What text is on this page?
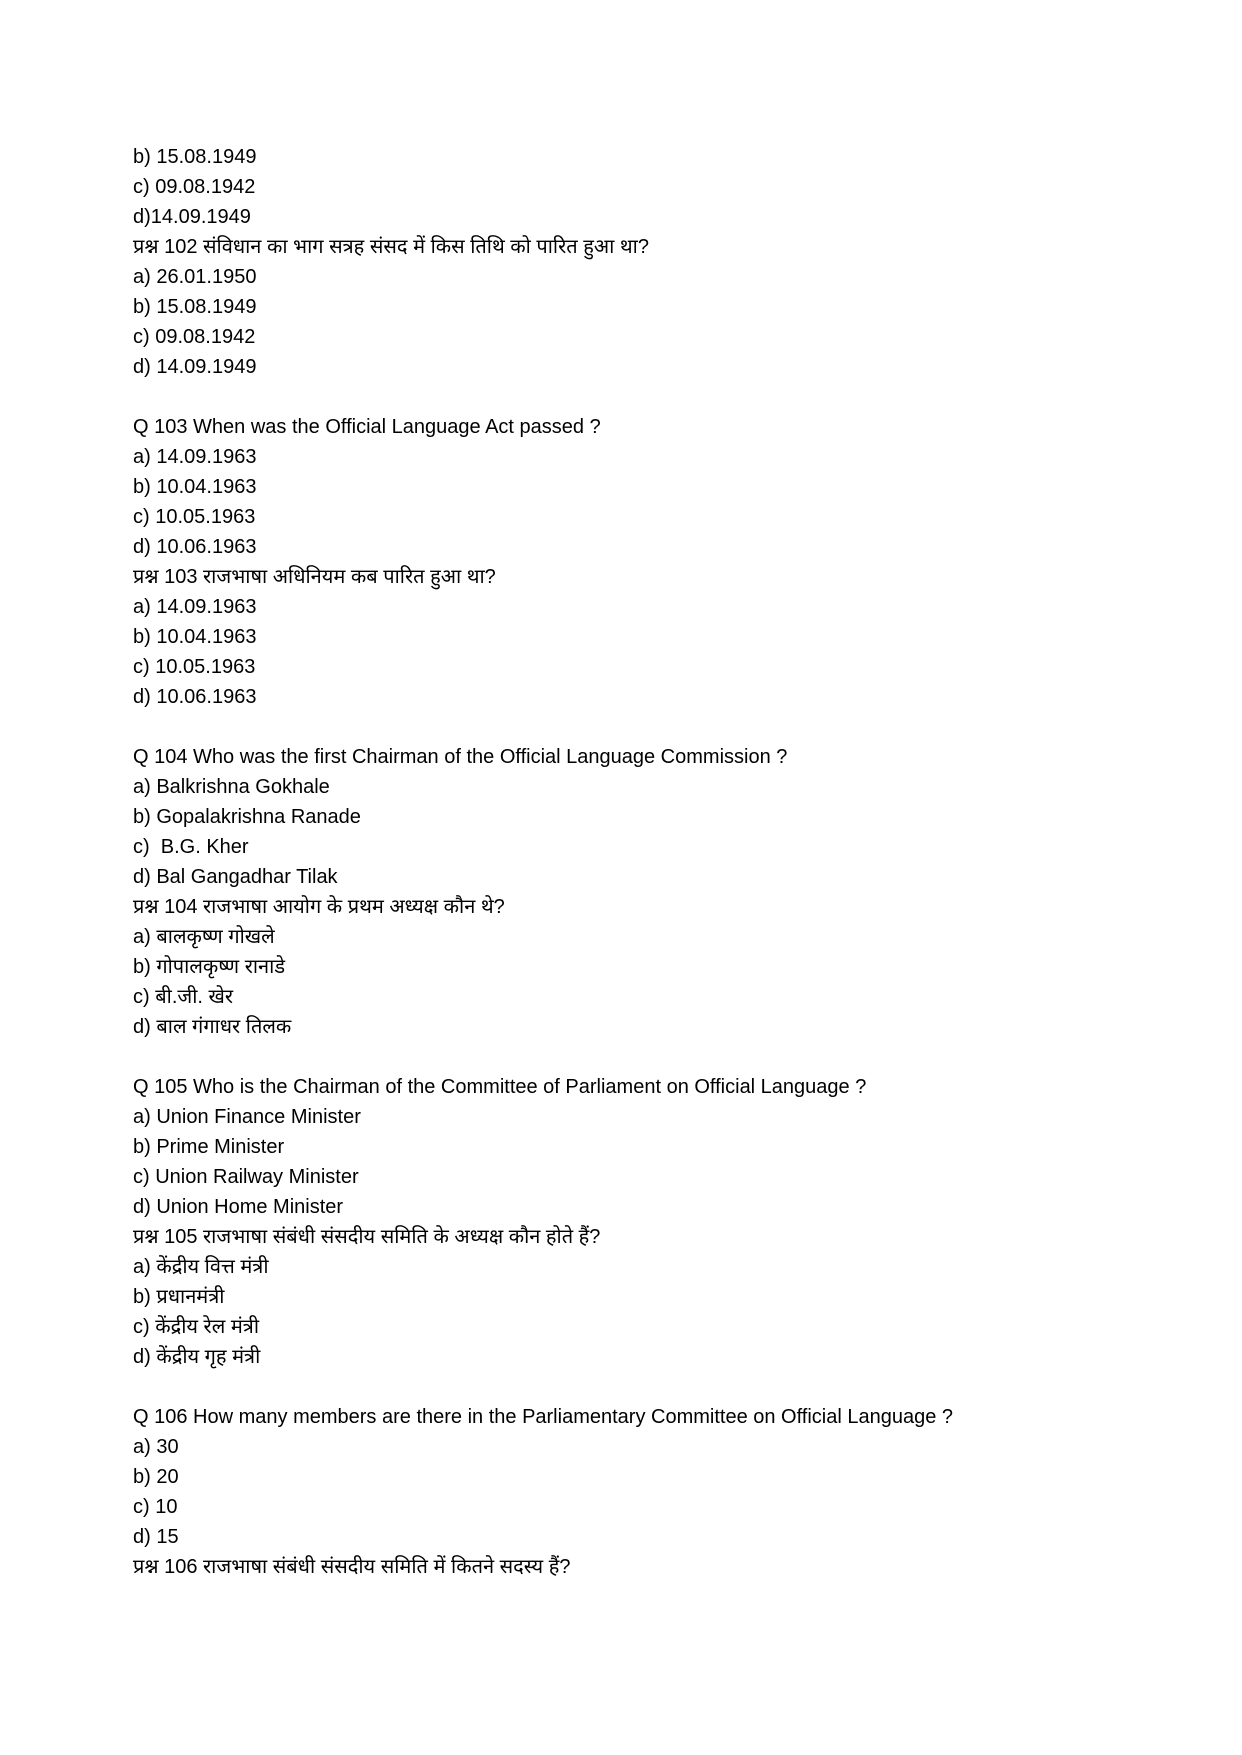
b) 15.08.1949
c) 09.08.1942
d)14.09.1949
प्रश्न 102 संविधान का भाग सत्रह संसद में किस तिथि को पारित हुआ था?
a) 26.01.1950
b) 15.08.1949
c) 09.08.1942
d) 14.09.1949
Q 103 When was the Official Language Act passed ?
a) 14.09.1963
b) 10.04.1963
c) 10.05.1963
d) 10.06.1963
प्रश्न 103 राजभाषा अधिनियम कब पारित हुआ था?
a) 14.09.1963
b) 10.04.1963
c) 10.05.1963
d) 10.06.1963
Q 104 Who was the first Chairman of the Official Language Commission ?
a) Balkrishna Gokhale
b) Gopalakrishna Ranade
c)  B.G. Kher
d) Bal Gangadhar Tilak
प्रश्न 104 राजभाषा आयोग के प्रथम अध्यक्ष कौन थे?
a) बालकृष्ण गोखले
b) गोपालकृष्ण रानाडे
c) बी.जी. खेर
d) बाल गंगाधर तिलक
Q 105 Who is the Chairman of the Committee of Parliament on Official Language ?
a) Union Finance Minister
b) Prime Minister
c) Union Railway Minister
d) Union Home Minister
प्रश्न 105 राजभाषा संबंधी संसदीय समिति के अध्यक्ष कौन होते हैं?
a) केंद्रीय वित्त मंत्री
b) प्रधानमंत्री
c) केंद्रीय रेल मंत्री
d) केंद्रीय गृह मंत्री
Q 106 How many members are there in the Parliamentary Committee on Official Language ?
a) 30
b) 20
c) 10
d) 15
प्रश्न 106 राजभाषा संबंधी संसदीय समिति में कितने सदस्य हैं?
